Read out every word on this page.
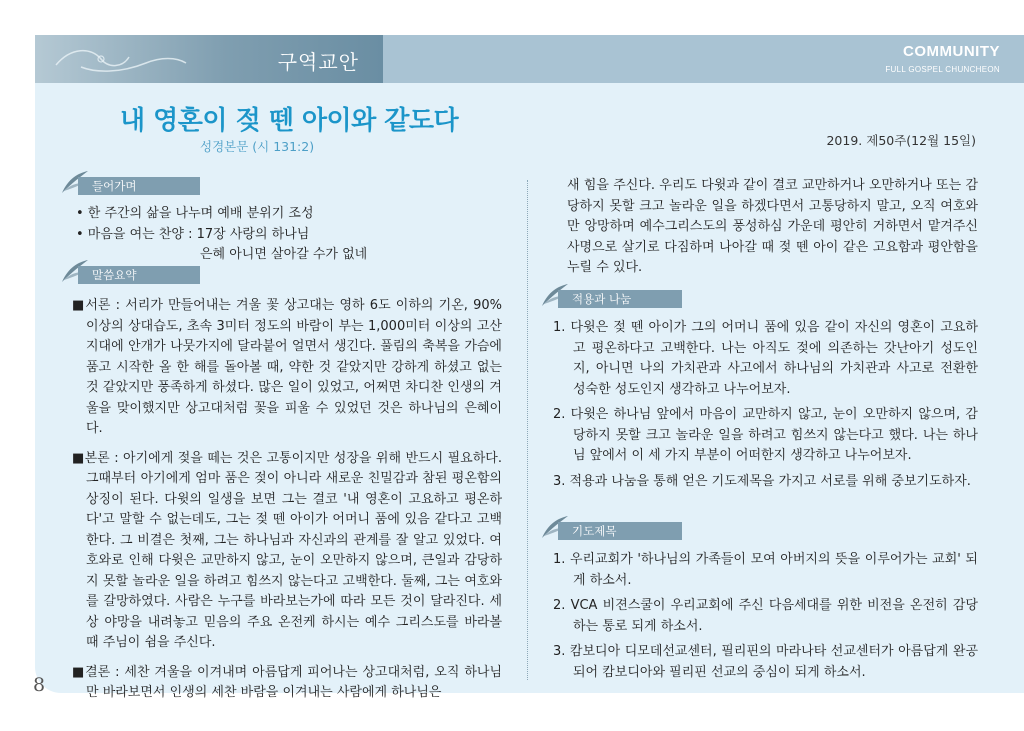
구역교안	COMMUNITY
FULL GOSPEL CHUNCHEON
내 영혼이 젖 뗀 아이와 같도다
성경본문 (시 131:2)	2019. 제50주(12월 15일)
들어가며

• 한 주간의 삶을 나누며 예배 분위기 조성

• 마음을 여는 찬양 : 17장 사랑의 하나님

은혜 아니면 살아갈 수가 없네

말씀요약

■서론 : 서리가 만들어내는 겨울 꽃 상고대는 영하 6도 이하의 기온, 90% 이상의 상대습도, 초속 3미터 정도의 바람이 부는 1,000미터 이상의 고산지대에 안개가 나뭇가지에 달라붙어 얼면서 생긴다. 풀림의 축복을 가슴에 품고 시작한 올 한 해를 돌아볼 때, 약한 것 같았지만 강하게 하셨고 없는 것 같았지만 풍족하게 하셨다. 많은 일이 있었고, 어쩌면 차디찬 인생의 겨울을 맞이했지만 상고대처럼 꽃을 피울 수 있었던 것은 하나님의 은혜이다.

■본론 : 아기에게 젖을 떼는 것은 고통이지만 성장을 위해 반드시 필요하다. 그때부터 아기에게 엄마 품은 젖이 아니라 새로운 친밀감과 참된 평온함의 상징이 된다. 다윗의 일생을 보면 그는 결코 '내 영혼이 고요하고 평온하다'고 말할 수 없는데도, 그는 젖 뗀 아이가 어머니 품에 있음 같다고 고백한다. 그 비결은 첫째, 그는 하나님과 자신과의 관계를 잘 알고 있었다. 여호와로 인해 다윗은 교만하지 않고, 눈이 오만하지 않으며, 큰일과 감당하지 못할 놀라운 일을 하려고 힘쓰지 않는다고 고백한다. 둘째, 그는 여호와를 갈망하였다. 사람은 누구를 바라보는가에 따라 모든 것이 달라진다. 세상 야망을 내려놓고 믿음의 주요 온전케 하시는 예수 그리스도를 바라볼 때 주님이 쉼을 주신다.

■결론 : 세찬 겨울을 이겨내며 아름답게 피어나는 상고대처럼, 오직 하나님만 바라보면서 인생의 세찬 바람을 이겨내는 사람에게 하나님은

새 힘을 주신다. 우리도 다윗과 같이 결코 교만하거나 오만하거나 또는 감당하지 못할 크고 놀라운 일을 하겠다면서 고통당하지 말고, 오직 여호와만 앙망하며 예수그리스도의 풍성하심 가운데 평안히 거하면서 맡겨주신 사명으로 살기로 다짐하며 나아갈 때 젖 뗀 아이 같은 고요함과 평안함을 누릴 수 있다.
적용과 나눔
1. 다윗은 젖 뗀 아이가 그의 어머니 품에 있음 같이 자신의 영혼이 고요하고 평온하다고 고백한다. 나는 아직도 젖에 의존하는 갓난아기 성도인지, 아니면 나의 가치관과 사고에서 하나님의 가치관과 사고로 전환한 성숙한 성도인지 생각하고 나누어보자.
2. 다윗은 하나님 앞에서 마음이 교만하지 않고, 눈이 오만하지 않으며, 감당하지 못할 크고 놀라운 일을 하려고 힘쓰지 않는다고 했다. 나는 하나님 앞에서 이 세 가지 부분이 어떠한지 생각하고 나누어보자.
3. 적용과 나눔을 통해 얻은 기도제목을 가지고 서로를 위해 중보기도하자.
기도제목
1. 우리교회가 '하나님의 가족들이 모여 아버지의 뜻을 이루어가는 교회' 되게 하소서.
2. VCA 비젼스쿨이 우리교회에 주신 다음세대를 위한 비전을 온전히 감당하는 통로 되게 하소서.
3. 캄보디아 디모데선교센터, 필리핀의 마라나타 선교센터가 아름답게 완공되어 캄보디아와 필리핀 선교의 중심이 되게 하소서.
8
